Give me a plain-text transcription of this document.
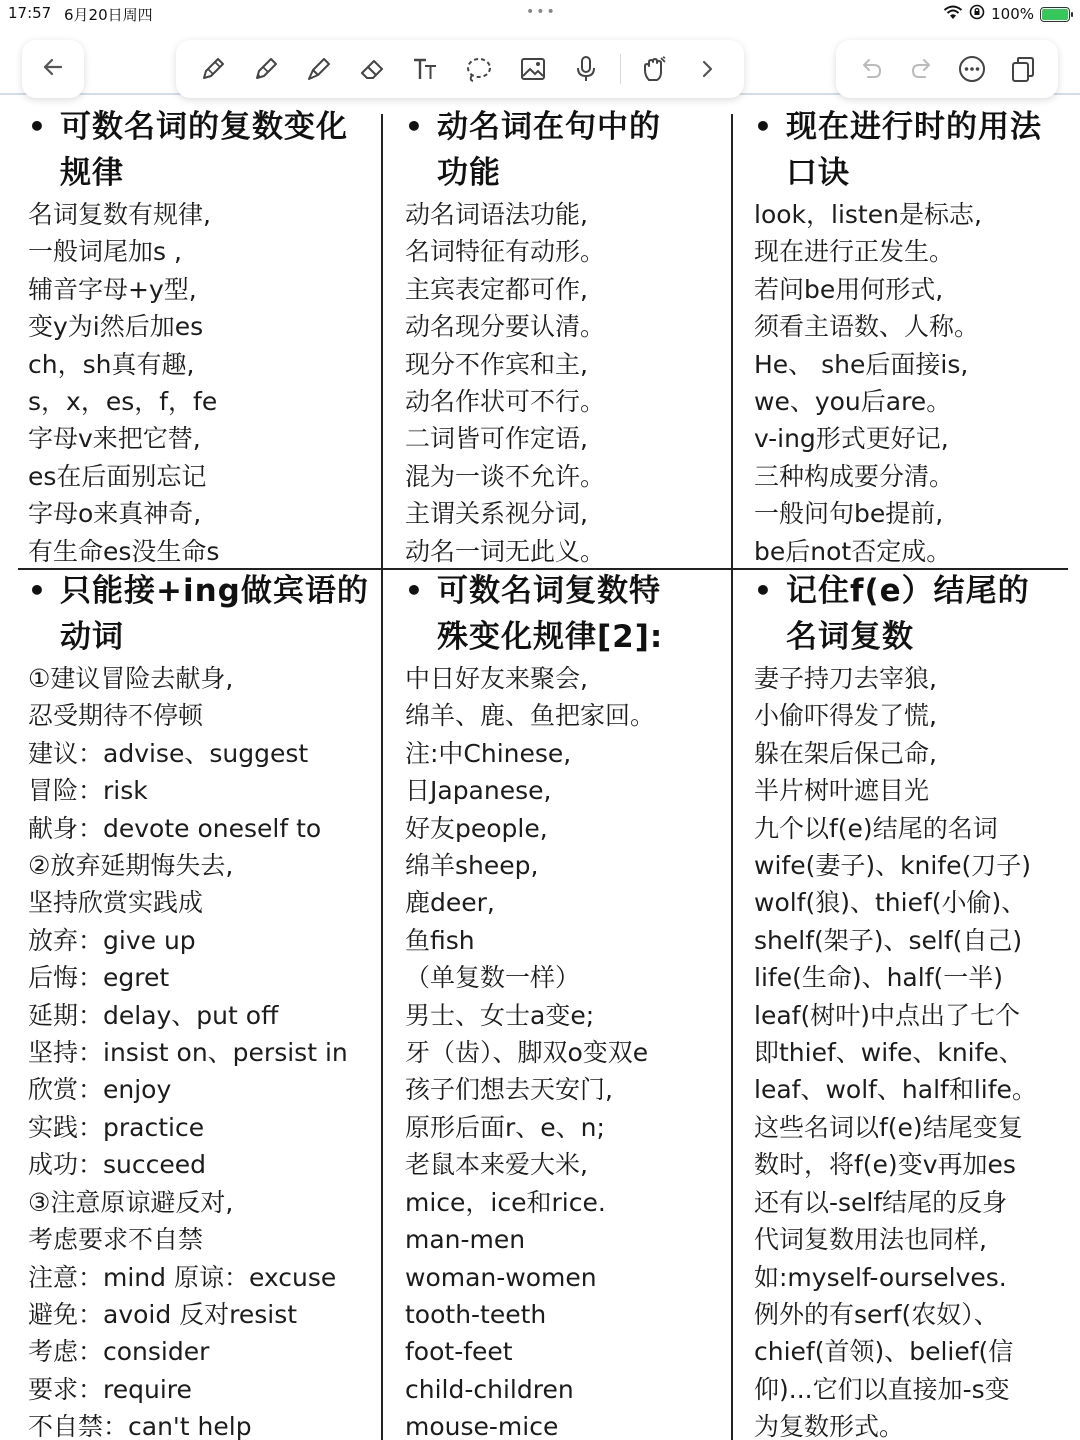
17:57 6月20日周四	•••	100%
• 可数名词的复数变化
规律
名词复数有规律,
一般词尾加s ,
辅音字母+y型,
变y为i然后加es
ch，sh真有趣,
s，x，es，f，fe
字母v来把它替,
es在后面别忘记
字母o来真神奇,
有生命es没生命s
• 动名词在句中的
功能
动名词语法功能,
名词特征有动形。
主宾表定都可作,
动名现分要认清。
现分不作宾和主,
动名作状可不行。
二词皆可作定语,
混为一谈不允许。
主谓关系视分词,
动名一词无此义。
• 现在进行时的用法
口诀
look，listen是标志,
现在进行正发生。
若问be用何形式,
须看主语数、人称。
He、 she后面接is,
we、you后are。
v-ing形式更好记,
三种构成要分清。
一般问句be提前,
be后not否定成。
• 只能接+ing做宾语的
动词
①建议冒险去献身,
忍受期待不停顿
建议：advise、suggest
冒险：risk
献身：devote oneself to
②放弃延期悔失去,
坚持欣赏实践成
放弃：give up
后悔：egret
延期：delay、put off
坚持：insist on、persist in
欣赏：enjoy
实践：practice
成功：succeed
③注意原谅避反对,
考虑要求不自禁
注意：mind 原谅：excuse
避免：avoid 反对resist
考虑：consider
要求：require
不自禁：can't help
• 可数名词复数特
殊变化规律[2]:
中日好友来聚会,
绵羊、鹿、鱼把家回。
注:中Chinese,
日Japanese,
好友people,
绵羊sheep,
鹿deer,
鱼fish
（单复数一样）
男士、女士a变e;
牙（齿）、脚双o变双e
孩子们想去天安门,
原形后面r、e、n;
老鼠本来爱大米,
mice，ice和rice.
man-men
woman-women
tooth-teeth
foot-feet
child-children
mouse-mice
• 记住f(e）结尾的
名词复数
妻子持刀去宰狼,
小偷吓得发了慌,
躲在架后保己命,
半片树叶遮目光
九个以f(e)结尾的名词
wife(妻子)、knife(刀子)
wolf(狼)、thief(小偷)、
shelf(架子)、self(自己)
life(生命)、half(一半)
leaf(树叶)中点出了七个
即thief、wife、knife、
leaf、wolf、half和life。
这些名词以f(e)结尾变复
数时，将f(e)变v再加es
还有以-self结尾的反身
代词复数用法也同样,
如:myself-ourselves.
例外的有serf(农奴）、
chief(首领)、belief(信
仰)...它们以直接加-s变
为复数形式。
